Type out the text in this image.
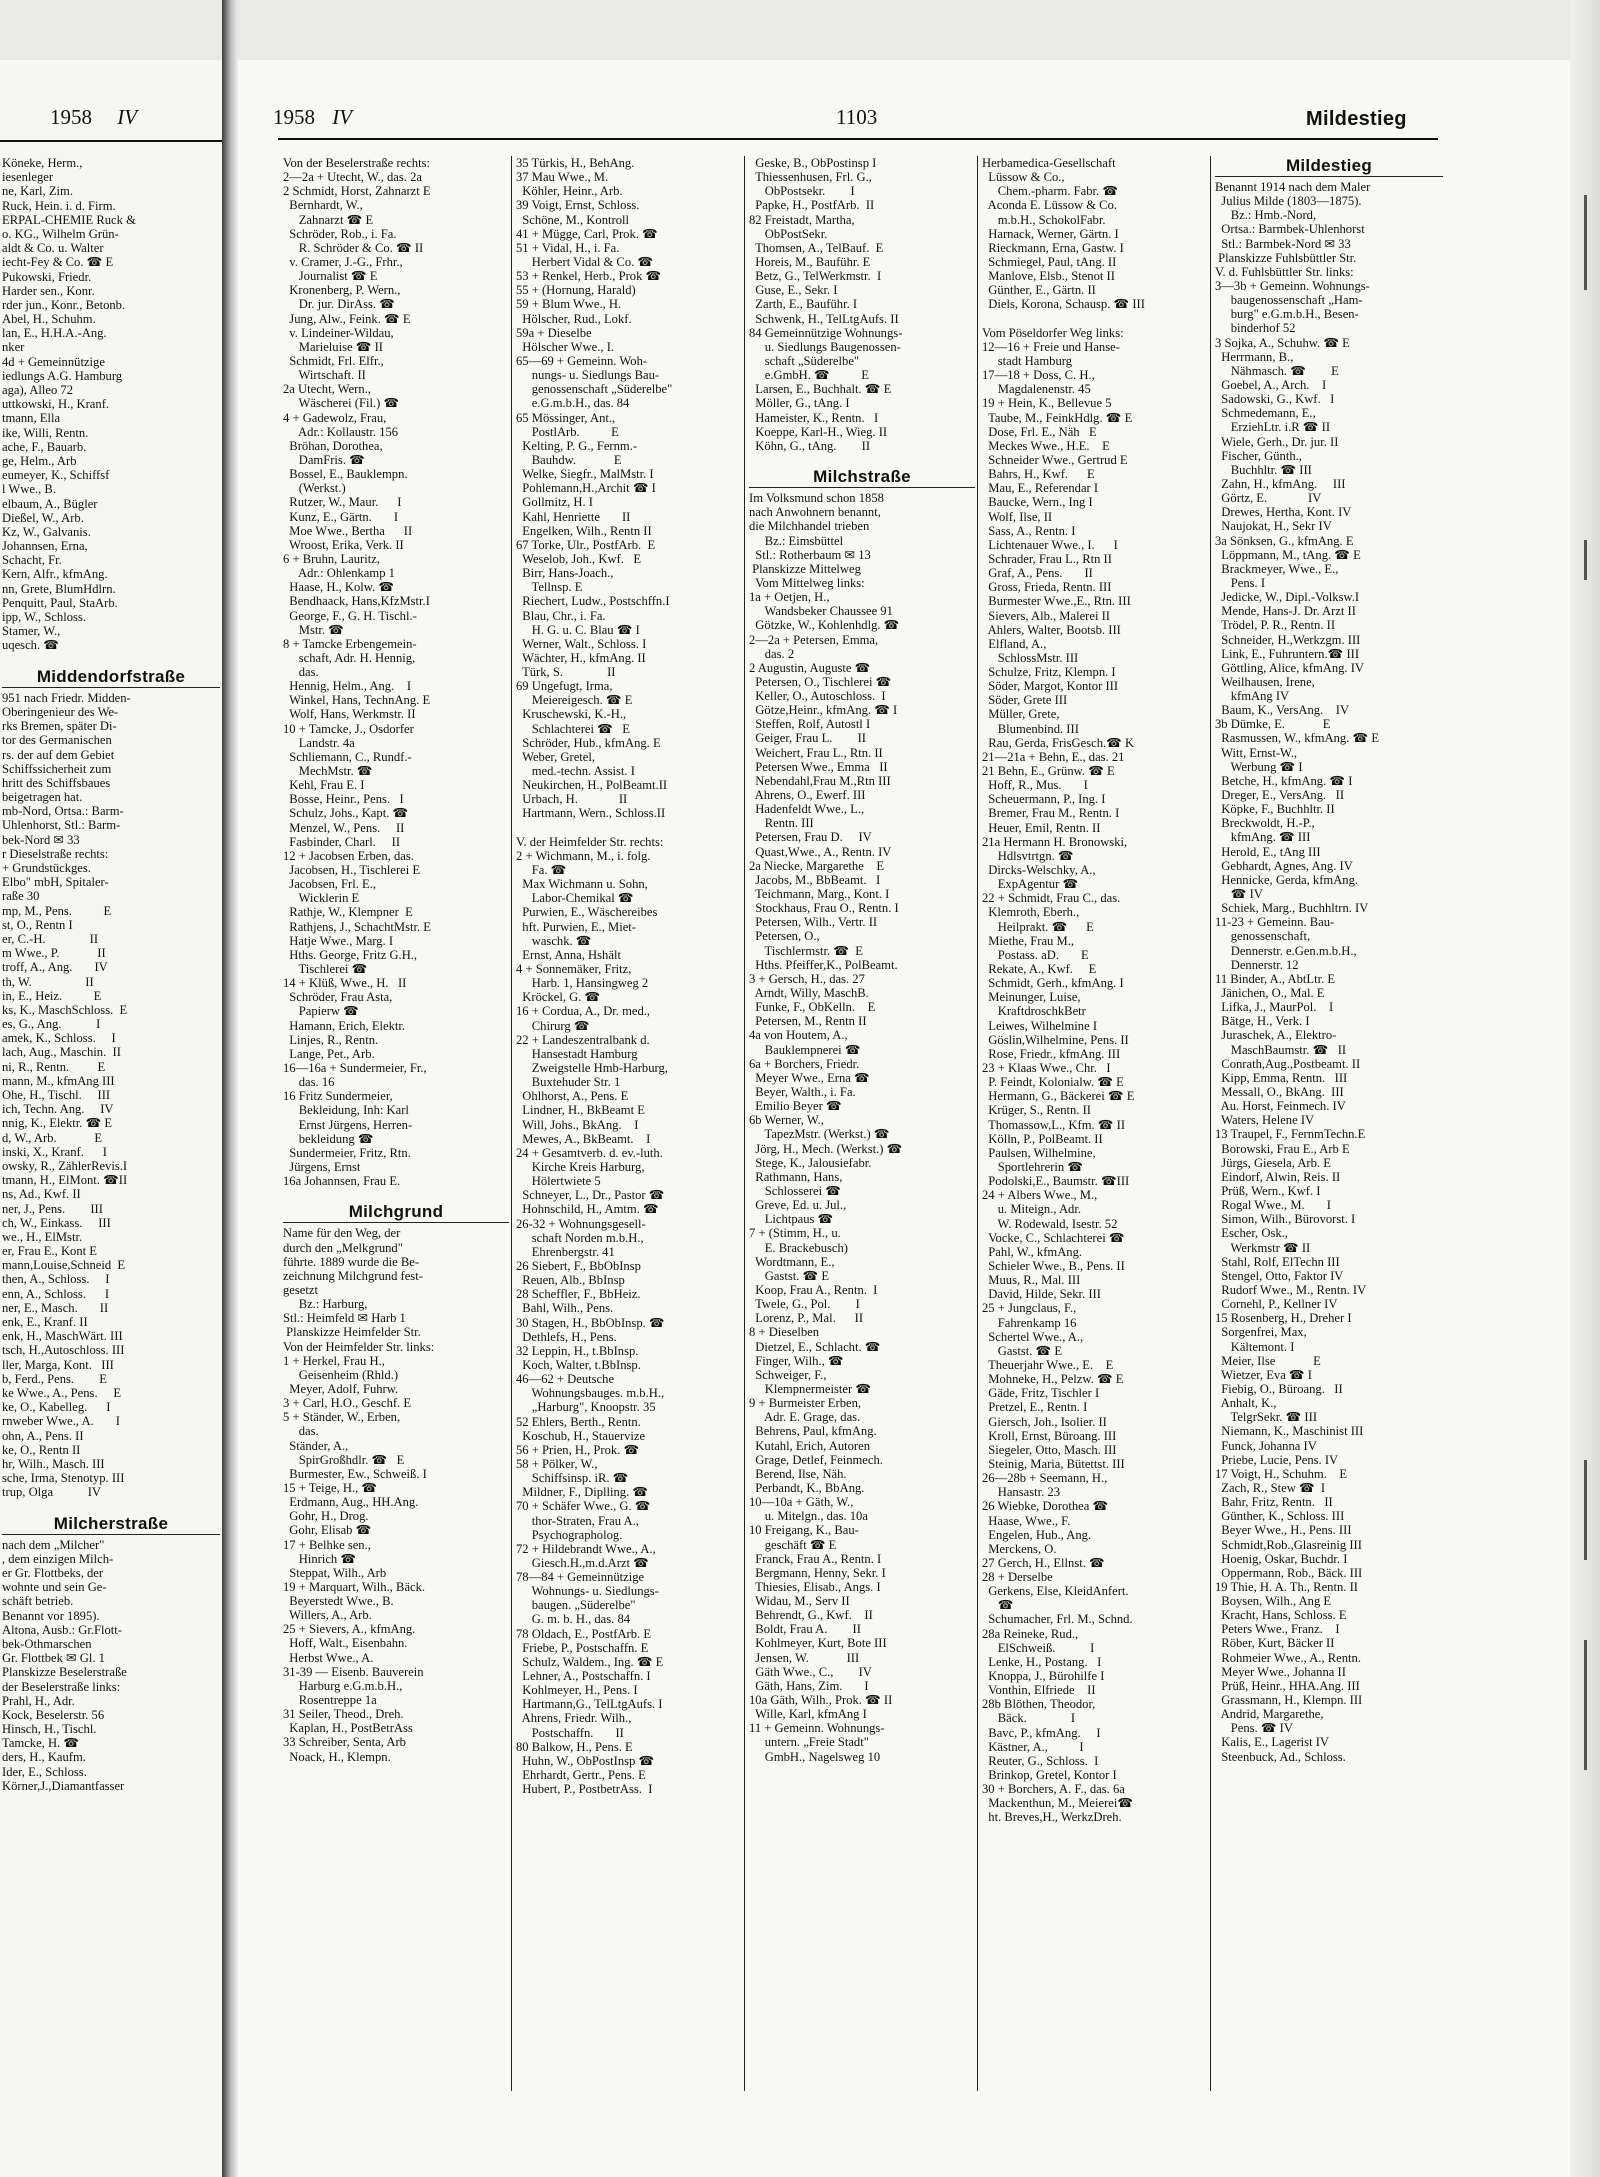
1958 IV
Köneke, Herm.,
iesenleger
ne, Karl, Zim.
Ruck, Hein. i. d. Firm.
ERPAL-CHEMIE Ruck &
o. KG., Wilhelm Grün-
aldt & Co. u. Walter
iecht-Fey & Co. ☎ E
Pukowski, Friedr.
Harder sen., Konr.
rder jun., Konr., Betonb.
Abel, H., Schuhm.
lan, E., H.H.A.-Ang.
nker
4d + Gemeinnützige
iedlungs A.G. Hamburg
aga), Alleo 72
uttkowski, H., Kranf.
tmann, Ella
ike, Willi, Rentn.
ache, F., Bauarb.
ge, Helm., Arb
eumeyer, K., Schiffsf
l Wwe., B.
elbaum, A., Bügler
Dießel, W., Arb.
Kz, W., Galvanis.
Johannsen, Erna,
Schacht, Fr.
Kern, Alfr., kfmAng.
nn, Grete, BlumHdlrn.
Penquitt, Paul, StaArb.
ipp, W., Schloss.
Stamer, W.,
uqesch. ☎
Middendorfstraße
951 nach Friedr. Midden-
Oberingenieur des We-
rks Bremen, später Di-
tor des Germanischen
rs. der auf dem Gebiet
Schiffssicherheit zum
hritt des Schiffsbaues
beigetragen hat.
mb-Nord, Ortsa.: Barm-
Uhlenhorst, Stl.: Barm-
bek-Nord ✉ 33
r Dieselstraße rechts:
+ Grundstückges.
Elbo" mbH, Spitaler-
raße 30
mp, M., Pens.          E
st, O., Rentn I
er, C.-H.              II
m Wwe., P.            II
troff, A., Ang.       IV
th, W.                 II
in, E., Heiz.          E
ks, K., MaschSchloss.  E
es, G., Ang.           I
amek, K., Schloss.     I
lach, Aug., Maschin.  II
ni, R., Rentn.         E
mann, M., kfmAng III
Ohe, H., Tischl.     III
ich, Techn. Ang.     IV
nnig, K., Elektr. ☎ E
d, W., Arb.            E
inski, X., Kranf.      I
owsky, R., ZählerRevis.I
tmann, H., ElMont. ☎II
ns, Ad., Kwf. II
ner, J., Pens.        III
ch, W., Einkass.     III
we., H., ElMstr.
er, Frau E., Kont E
mann,Louise,Schneid  E
then, A., Schloss.     I
enn, A., Schloss.      I
ner, E., Masch.       II
enk, E., Kranf. II
enk, H., MaschWärt. III
tsch, H.,Autoschloss. III
ller, Marga, Kont.   III
b, Ferd., Pens.        E
ke Wwe., A., Pens.     E
ke, O., Kabelleg.      I
rnweber Wwe., A.       I
ohn, A., Pens. II
ke, O., Rentn II
hr, Wilh., Masch. III
sche, Irma, Stenotyp. III
trup, Olga           IV
Milcherstraße
nach dem „Milcher"
, dem einzigen Milch-
er Gr. Flottbeks, der
wohnte und sein Ge-
schäft betrieb.
Benannt vor 1895).
Altona, Ausb.: Gr.Flott-
bek-Othmarschen
Gr. Flottbek ✉ Gl. 1
Planskizze Beselerstraße
der Beselerstraße links:
Prahl, H., Adr.
Kock, Beselerstr. 56
Hinsch, H., Tischl.
Tamcke, H. ☎
ders, H., Kaufm.
Ider, E., Schloss.
Körner,J.,Diamantfasser
1958 IV	1103	Mildestieg
Von der Beselerstraße rechts:
2—2a + Utecht, W., das. 2a
2 Schmidt, Horst, Zahnarzt E
Bernhardt, W.,
Zahnarzt ☎ E
Schröder, Rob., i. Fa.
R. Schröder & Co. ☎ II
v. Cramer, J.-G., Frhr.,
Journalist ☎ E
Kronenberg, P. Wern.,
Dr. jur. DirAss. ☎
Jung, Alw., Feink. ☎ E
v. Lindeiner-Wildau,
Marieluise ☎ II
Schmidt, Frl. Elfr.,
Wirtschaft. II
2a Utecht, Wern.,
Wäscherei (Fil.) ☎
4 + Gadewolz, Frau,
Adr.: Kollaustr. 156
Bröhan, Dorothea,
DamFris. ☎
Bossel, E., Bauklempn.
(Werkst.)
Rutzer, W., Maur.      I
Kunz, E., Gärtn.       I
Moe Wwe., Bertha      II
Wroost, Erika, Verk. II
6 + Bruhn, Lauritz,
Adr.: Ohlenkamp 1
Haase, H., Kolw. ☎
Bendhaack, Hans,KfzMstr.I
George, F., G. H. Tischl.-
Mstr. ☎
8 + Tamcke Erbengemein-
schaft, Adr. H. Hennig,
das.
Hennig, Helm., Ang.    I
Winkel, Hans, TechnAng. E
Wolf, Hans, Werkmstr. II
10 + Tamcke, J., Osdorfer
Landstr. 4a
Schliemann, C., Rundf.-
MechMstr. ☎
Kehl, Frau E. I
Bosse, Heinr., Pens.   I
Schulz, Johs., Kapt. ☎
Menzel, W., Pens.     II
Fasbinder, Charl.     II
12 + Jacobsen Erben, das.
Jacobsen, H., Tischlerei E
Jacobsen, Frl. E.,
Wicklerin E
Rathje, W., Klempner  E
Rathjens, J., SchachtMstr. E
Hatje Wwe., Marg. I
Hths. George, Fritz G.H.,
Tischlerei ☎
14 + Klüß, Wwe., H.   II
Schröder, Frau Asta,
Papierw ☎
Hamann, Erich, Elektr.
Linjes, R., Rentn.
Lange, Pet., Arb.
16—16a + Sundermeier, Fr.,
das. 16
16 Fritz Sundermeier,
Bekleidung, Inh: Karl
Ernst Jürgens, Herren-
bekleidung ☎
Sundermeier, Fritz, Rtn.
Jürgens, Ernst
16a Johannsen, Frau E.
Milchgrund
Name für den Weg, der
durch den „Melkgrund"
führte. 1889 wurde die Be-
zeichnung Milchgrund fest-
gesetzt
Bz.: Harburg,
Stl.: Heimfeld ✉ Harb 1
Planskizze Heimfelder Str.
Von der Heimfelder Str. links:
1 + Herkel, Frau H.,
Geisenheim (Rhld.)
Meyer, Adolf, Fuhrw.
3 + Carl, H.O., Geschf. E
5 + Ständer, W., Erben,
das.
Ständer, A.,
SpirGroßhdlr. ☎   E
Burmester, Ew., Schweiß. I
15 + Teige, H., ☎
Erdmann, Aug., HH.Ang.
Gohr, H., Drog.
Gohr, Elisab ☎
17 + Belhke sen.,
Hinrich ☎
Steppat, Wilh., Arb
19 + Marquart, Wilh., Bäck.
Beyerstedt Wwe., B.
Willers, A., Arb.
25 + Sievers, A., kfmAng.
Hoff, Walt., Eisenbahn.
Herbst Wwe., A.
31-39 — Eisenb. Bauverein
Harburg e.G.m.b.H.,
Rosentreppe 1a
31 Seiler, Theod., Dreh.
Kaplan, H., PostBetrAss
33 Schreiber, Senta, Arb
Noack, H., Klempn.
35 Türkis, H., BehAng.
37 Mau Wwe., M.
Köhler, Heinr., Arb.
39 Voigt, Ernst, Schloss.
Schöne, M., Kontroll
41 + Mügge, Carl, Prok. ☎
51 + Vidal, H., i. Fa.
Herbert Vidal & Co. ☎
53 + Renkel, Herb., Prok ☎
55 + (Hornung, Harald)
59 + Blum Wwe., H.
Hölscher, Rud., Lokf.
59a + Dieselbe
Hölscher Wwe., I.
65—69 + Gemeinn. Woh-
nungs- u. Siedlungs Bau-
genossenschaft „Süderelbe"
e.G.m.b.H., das. 84
65 Mössinger, Ant.,
PostlArb.          E
Kelting, P. G., Fernm.-
Bauhdw.            E
Welke, Siegfr., MalMstr. I
Pohlemann,H.,Archit ☎ I
Gollmitz, H. I
Kahl, Henriette       II
Engelken, Wilh., Rentn II
67 Torke, Ulr., PostfArb.  E
Weselob, Joh., Kwf.   E
Birr, Hans-Joach.,
Tellnsp. E
Riechert, Ludw., Postschffn.I
Blau, Chr., i. Fa.
H. G. u. C. Blau ☎ I
Werner, Walt., Schloss. I
Wächter, H., kfmAng. II
Türk, S.              II
69 Ungefugt, Irma,
Meiereigesch. ☎ E
Kruschewski, K.-H.,
Schlachterei ☎   E
Schröder, Hub., kfmAng. E
Weber, Gretel,
med.-techn. Assist. I
Neukirchen, H., PolBeamt.II
Urbach, H.             II
Hartmann, Wern., Schloss.II
V. der Heimfelder Str. rechts:
2 + Wichmann, M., i. folg.
Fa. ☎
Max Wichmann u. Sohn,
Labor-Chemikal ☎
Purwien, E., Wäschereibes
hft. Purwien, E., Miet-
waschk. ☎
Ernst, Anna, Hshält
4 + Sonnemäker, Fritz,
Harb. 1, Hansingweg 2
Kröckel, G. ☎
16 + Cordua, A., Dr. med.,
Chirurg ☎
22 + Landeszentralbank d.
Hansestadt Hamburg
Zweigstelle Hmb-Harburg,
Buxtehuder Str. 1
Ohlhorst, A., Pens. E
Lindner, H., BkBeamt E
Will, Johs., BkAng.    I
Mewes, A., BkBeamt.    I
24 + Gesamtverb. d. ev.-luth.
Kirche Kreis Harburg,
Hölertwiete 5
Schneyer, L., Dr., Pastor ☎
Hohnschild, H., Amtm. ☎
26-32 + Wohnungsgesell-
schaft Norden m.b.H.,
Ehrenbergstr. 41
26 Siebert, F., BbObInsp
Reuen, Alb., BbInsp
28 Scheffler, F., BbHeiz.
Bahl, Wilh., Pens.
30 Stagen, H., BbObInsp. ☎
Dethlefs, H., Pens.
32 Leppin, H., t.BbInsp.
Koch, Walter, t.BbInsp.
46—62 + Deutsche
Wohnungsbauges. m.b.H.,
„Harburg", Knoopstr. 35
52 Ehlers, Berth., Rentn.
Koschub, H., Stauervize
56 + Prien, H., Prok. ☎
58 + Pölker, W.,
Schiffsinsp. iR. ☎
Mildner, F., Diplling. ☎
70 + Schäfer Wwe., G. ☎
thor-Straten, Frau A.,
Psychographolog.
72 + Hildebrandt Wwe., A.,
Giesch.H.,m.d.Arzt ☎
78—84 + Gemeinnützige
Wohnungs- u. Siedlungs-
baugen. „Süderelbe"
G. m. b. H., das. 84
78 Oldach, E., PostfArb. E
Friebe, P., Postschaffn. E
Schulz, Waldem., Ing. ☎ E
Lehner, A., Postschaffn. I
Kohlmeyer, H., Pens. I
Hartmann,G., TelLtgAufs. I
Ahrens, Friedr. Wilh.,
Postschaffn.       II
80 Balkow, H., Pens. E
Huhn, W., ObPostInsp ☎
Ehrhardt, Gertr., Pens. E
Hubert, P., PostbetrAss.  I
Geske, B., ObPostinsp I
Thiessenhusen, Frl. G.,
ObPostsekr.        I
Papke, H., PostfArb.  II
82 Freistadt, Martha,
ObPostSekr.
Thomsen, A., TelBauf.  E
Horeis, M., Bauführ. E
Betz, G., TelWerkmstr.  I
Guse, E., Sekr. I
Zarth, E., Bauführ. I
Schwenk, H., TelLtgAufs. II
84 Gemeinnützige Wohnungs-
u. Siedlungs Baugenossen-
schaft „Süderelbe"
e.GmbH. ☎          E
Larsen, E., Buchhalt. ☎ E
Möller, G., tAng. I
Hameister, K., Rentn.   I
Koeppe, Karl-H., Wieg. II
Köhn, G., tAng.        II
Milchstraße
Im Volksmund schon 1858
nach Anwohnern benannt,
die Milchhandel trieben
Bz.: Eimsbüttel
Stl.: Rotherbaum ✉ 13
Planskizze Mittelweg
Vom Mittelweg links:
1a + Oetjen, H.,
Wandsbeker Chaussee 91
Götzke, W., Kohlenhdlg. ☎
2—2a + Petersen, Emma,
das. 2
2 Augustin, Auguste ☎
Petersen, O., Tischlerei ☎
Keller, O., Autoschloss.  I
Götze,Heinr., kfmAng. ☎ I
Steffen, Rolf, Autostl I
Geiger, Frau L.        II
Weichert, Frau L., Rtn. II
Petersen Wwe., Emma   II
Nebendahl,Frau M.,Rtn III
Ahrens, O., Ewerf. III
Hadenfeldt Wwe., L.,
Rentn. III
Petersen, Frau D.     IV
Quast,Wwe., A., Rentn. IV
2a Niecke, Margarethe    E
Jacobs, M., BbBeamt.   I
Teichmann, Marg., Kont. I
Stockhaus, Frau O., Rentn. I
Petersen, Wilh., Vertr. II
Petersen, O.,
Tischlermstr. ☎  E
Hths. Pfeiffer,K., PolBeamt.
3 + Gersch, H., das. 27
Arndt, Willy, MaschB.
Funke, F., ObKelln.    E
Petersen, M., Rentn II
4a von Houtem, A.,
Bauklempnerei ☎
6a + Borchers, Friedr.
Meyer Wwe., Erna ☎
Beyer, Walth., i. Fa.
Emilio Beyer ☎
6b Werner, W.,
TapezMstr. (Werkst.) ☎
Jörg, H., Mech. (Werkst.) ☎
Stege, K., Jalousiefabr.
Rathmann, Hans,
Schlosserei ☎
Greve, Ed. u. Jul.,
Lichtpaus ☎
7 + (Stimm, H., u.
E. Brackebusch)
Wordtmann, E.,
Gastst. ☎ E
Koop, Frau A., Rentn.  I
Twele, G., Pol.        I
Lorenz, P., Mal.      II
8 + Dieselben
Dietzel, E., Schlacht. ☎
Finger, Wilh., ☎
Schweiger, F.,
Klempnermeister ☎
9 + Burmeister Erben,
Adr. E. Grage, das.
Behrens, Paul, kfmAng.
Kutahl, Erich, Autoren
Grage, Detlef, Feinmech.
Berend, Ilse, Näh.
Perbandt, K., BbAng.
10—10a + Gäth, W.,
u. Mitelgn., das. 10a
10 Freigang, K., Bau-
geschäft ☎ E
Franck, Frau A., Rentn. I
Bergmann, Henny, Sekr. I
Thiesies, Elisab., Angs. I
Widau, M., Serv II
Behrendt, G., Kwf.    II
Boldt, Frau A.        II
Kohlmeyer, Kurt, Bote III
Jensen, W.            III
Gäth Wwe., C.,        IV
Gäth, Hans, Zim.       I
10a Gäth, Wilh., Prok. ☎ II
Wille, Karl, kfmAng I
11 + Gemeinn. Wohnungs-
untern. „Freie Stadt"
GmbH., Nagelsweg 10
Herbamedica-Gesellschaft
Lüssow & Co.,
Chem.-pharm. Fabr. ☎
Aconda E. Lüssow & Co.
m.b.H., SchokolFabr.
Harnack, Werner, Gärtn. I
Rieckmann, Erna, Gastw. I
Schmiegel, Paul, tAng. II
Manlove, Elsb., Stenot II
Günther, E., Gärtn. II
Diels, Korona, Schausp. ☎ III
Vom Pöseldorfer Weg links:
12—16 + Freie und Hanse-
stadt Hamburg
17—18 + Doss, C. H.,
Magdalenenstr. 45
19 + Hein, K., Bellevue 5
Taube, M., FeinkHdlg. ☎ E
Dose, Frl. E., Näh   E
Meckes Wwe., H.E.    E
Schneider Wwe., Gertrud E
Bahrs, H., Kwf.      E
Mau, E., Referendar I
Baucke, Wern., Ing I
Wolf, Ilse, II
Sass, A., Rentn. I
Lichtenauer Wwe., I.      I
Schrader, Frau L., Rtn II
Graf, A., Pens.       II
Gross, Frieda, Rentn. III
Burmester Wwe.,E., Rtn. III
Sievers, Alb., Malerei II
Ahlers, Walter, Bootsb. III
Elfland, A.,
SchlossMstr. III
Schulze, Fritz, Klempn. I
Söder, Margot, Kontor III
Söder, Grete III
Müller, Grete,
Blumenbind. III
Rau, Gerda, FrisGesch.☎ K
21—21a + Behn, E., das. 21
21 Behn, E., Grünw. ☎ E
Hoff, R., Mus.       I
Scheuermann, P., Ing. I
Bremer, Frau M., Rentn. I
Heuer, Emil, Rentn. II
21a Hermann H. Bronowski,
Hdlsvtrtgn. ☎
Dircks-Welschky, A.,
ExpAgentur ☎
22 + Schmidt, Frau C., das.
Klemroth, Eberh.,
Heilprakt. ☎      E
Miethe, Frau M.,
Postass. aD.       E
Rekate, A., Kwf.     E
Schmidt, Gerh., kfmAng. I
Meinunger, Luise,
KraftdroschkBetr
Leiwes, Wilhelmine I
Göslin,Wilhelmine, Pens. II
Rose, Friedr., kfmAng. III
23 + Klaas Wwe., Chr.   I
P. Feindt, Kolonialw. ☎ E
Hermann, G., Bäckerei ☎ E
Krüger, S., Rentn. II
Thomassow,L., Kfm. ☎ II
Kölln, P., PolBeamt. II
Paulsen, Wilhelmine,
Sportlehrerin ☎
Podolski,E., Baumstr. ☎III
24 + Albers Wwe., M.,
u. Miteign., Adr.
W. Rodewald, Isestr. 52
Vocke, C., Schlachterei ☎
Pahl, W., kfmAng.
Schieler Wwe., B., Pens. II
Muus, R., Mal. III
David, Hilde, Sekr. III
25 + Jungclaus, F.,
Fahrenkamp 16
Schertel Wwe., A.,
Gastst. ☎ E
Theuerjahr Wwe., E.    E
Mohneke, H., Pelzw. ☎ E
Gäde, Fritz, Tischler I
Pretzel, E., Rentn. I
Giersch, Joh., Isolier. II
Kroll, Ernst, Büroang. III
Siegeler, Otto, Masch. III
Steinig, Maria, Bütettst. III
26—28b + Seemann, H.,
Hansastr. 23
26 Wiebke, Dorothea ☎
Haase, Wwe., F.
Engelen, Hub., Ang.
Merckens, O.
27 Gerch, H., Ellnst. ☎
28 + Derselbe
Gerkens, Else, KleidAnfert.
☎
Schumacher, Frl. M., Schnd.
28a Reineke, Rud.,
ElSchweiß.           I
Lenke, H., Postang.   I
Knoppa, J., Bürohilfe I
Vonthin, Elfriede    II
28b Blöthen, Theodor,
Bäck.              I
Bavc, P., kfmAng.     I
Kästner, A.,          I
Reuter, G., Schloss.  I
Brinkop, Gretel, Kontor I
30 + Borchers, A. F., das. 6a
Mackenthun, M., Meierei☎
ht. Breves,H., WerkzDreh.
Mildestieg
Benannt 1914 nach dem Maler
Julius Milde (1803—1875).
Bz.: Hmb.-Nord,
Ortsa.: Barmbek-Uhlenhorst
Stl.: Barmbek-Nord ✉ 33
Planskizze Fuhlsbüttler Str.
V. d. Fuhlsbüttler Str. links:
3—3b + Gemeinn. Wohnungs-
baugenossenschaft „Ham-
burg" e.G.m.b.H., Besen-
binderhof 52
3 Sojka, A., Schuhw. ☎ E
Herrmann, B.,
Nähmasch. ☎        E
Goebel, A., Arch.    I
Sadowski, G., Kwf.   I
Schmedemann, E.,
ErziehLtr. i.R ☎ II
Wiele, Gerh., Dr. jur. II
Fischer, Günth.,
Buchhltr. ☎ III
Zahn, H., kfmAng.     III
Görtz, E.             IV
Drewes, Hertha, Kont. IV
Naujokat, H., Sekr IV
3a Sönksen, G., kfmAng. E
Löppmann, M., tAng. ☎ E
Brackmeyer, Wwe., E.,
Pens. I
Jedicke, W., Dipl.-Volksw.I
Mende, Hans-J. Dr. Arzt II
Trödel, P. R., Rentn. II
Schneider, H.,Werkzgm. III
Link, E., Fuhruntern.☎ III
Göttling, Alice, kfmAng. IV
Weilhausen, Irene,
kfmAng IV
Baum, K., VersAng.    IV
3b Dümke, E.            E
Rasmussen, W., kfmAng. ☎ E
Witt, Ernst-W.,
Werbung ☎ I
Betche, H., kfmAng. ☎ I
Dreger, E., VersAng.   II
Köpke, F., Buchhltr. II
Breckwoldt, H.-P.,
kfmAng. ☎ III
Herold, E., tAng III
Gebhardt, Agnes, Ang. IV
Hennicke, Gerda, kfmAng.
☎ IV
Schiek, Marg., Buchhltrn. IV
11-23 + Gemeinn. Bau-
genossenschaft,
Dennerstr. e.Gen.m.b.H.,
Dennerstr. 12
11 Binder, A., AbtLtr. E
Jänichen, O., Mal. E
Lifka, J., MaurPol.    I
Bätge, H., Verk. I
Juraschek, A., Elektro-
MaschBaumstr. ☎   II
Conrath,Aug.,Postbeamt. II
Kipp, Emma, Rentn.   III
Messall, O., BkAng.  III
Au. Horst, Feinmech. IV
Waters, Helene IV
13 Traupel, F., FernmTechn.E
Borowski, Frau E., Arb E
Jürgs, Giesela, Arb. E
Eindorf, Alwin, Reis. II
Prüß, Wern., Kwf. I
Rogal Wwe., M.       I
Simon, Wilh., Bürovorst. I
Escher, Osk.,
Werkmstr ☎ II
Stahl, Rolf, ElTechn III
Stengel, Otto, Faktor IV
Rudorf Wwe., M., Rentn. IV
Cornehl, P., Kellner IV
15 Rosenberg, H., Dreher I
Sorgenfrei, Max,
Kältemont. I
Meier, Ilse            E
Wietzer, Eva ☎ I
Fiebig, O., Büroang.   II
Anhalt, K.,
TelgrSekr. ☎ III
Niemann, K., Maschinist III
Funck, Johanna IV
Priebe, Lucie, Pens. IV
17 Voigt, H., Schuhm.    E
Zach, R., Stew ☎  I
Bahr, Fritz, Rentn.   II
Günther, K., Schloss. III
Beyer Wwe., H., Pens. III
Schmidt,Rob.,Glasreinig III
Hoenig, Oskar, Buchdr. I
Oppermann, Rob., Bäck. III
19 Thie, H. A. Th., Rentn. II
Boysen, Wilh., Ang E
Kracht, Hans, Schloss. E
Peters Wwe., Franz.    I
Röber, Kurt, Bäcker II
Rohmeier Wwe., A., Rentn.
Meyer Wwe., Johanna II
Prüß, Heinr., HHA.Ang. III
Grassmann, H., Klempn. III
Andrid, Margarethe,
Pens. ☎ IV
Kalis, E., Lagerist IV
Steenbuck, Ad., Schloss.
